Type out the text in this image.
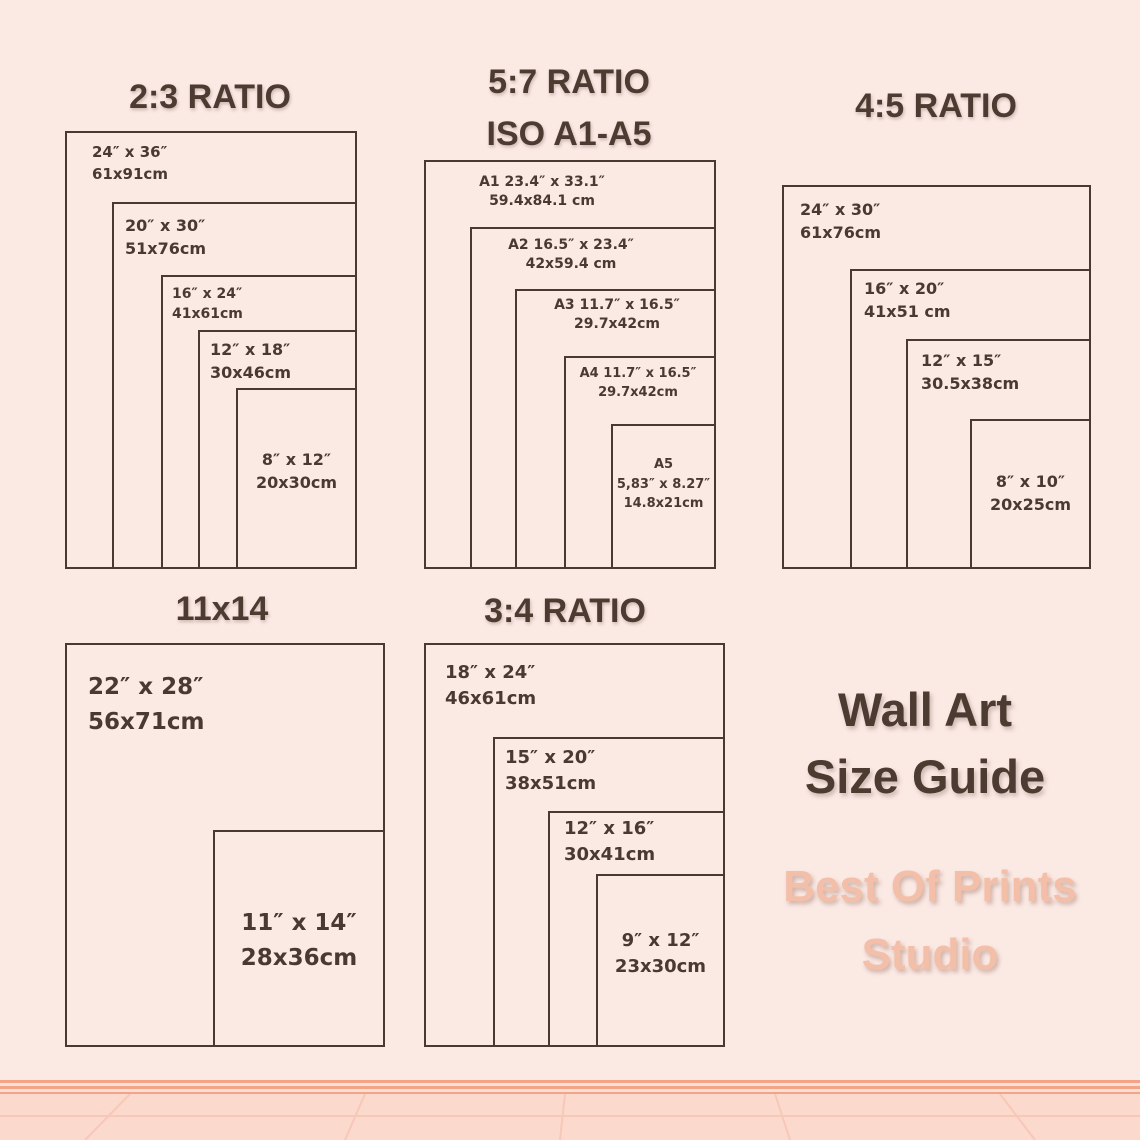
2:3 RATIO
24″ x 36″
61x91cm
20″ x 30″
51x76cm
16″ x 24″
41x61cm
12″ x 18″
30x46cm
8″ x 12″
20x30cm
5:7 RATIO
ISO A1-A5
A1 23.4″ x 33.1″
59.4x84.1 cm
A2 16.5″ x 23.4″
42x59.4 cm
A3 11.7″ x 16.5″
29.7x42cm
A4 11.7″ x 16.5″
29.7x42cm
A5
5,83″ x 8.27″
14.8x21cm
4:5 RATIO
24″ x 30″
61x76cm
16″ x 20″
41x51 cm
12″ x 15″
30.5x38cm
8″ x 10″
20x25cm
11x14
22″ x 28″
56x71cm
11″ x 14″
28x36cm
3:4 RATIO
18″ x 24″
46x61cm
15″ x 20″
38x51cm
12″ x 16″
30x41cm
9″ x 12″
23x30cm
Wall Art
Size Guide
Best Of Prints
Studio
